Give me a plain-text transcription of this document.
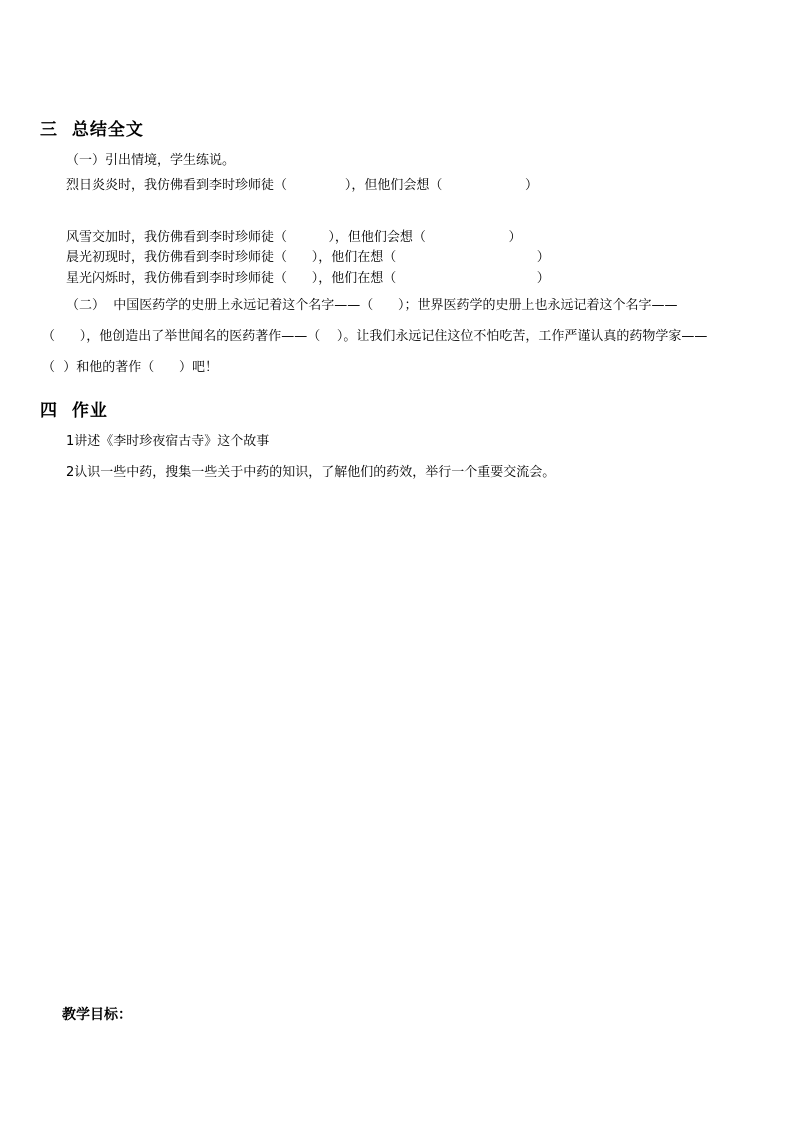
三  总结全文
（一）引出情境，学生练说。
烈日炎炎时，我仿佛看到李时珍师徒（              ），但他们会想（                    ）
风雪交加时，我仿佛看到李时珍师徒（          ），但他们会想（                    ）
晨光初现时，我仿佛看到李时珍师徒（      ），他们在想（                                  ）
星光闪烁时，我仿佛看到李时珍师徒（      ），他们在想（                                  ）
（二）  中国医药学的史册上永远记着这个名字——（      ）；世界医药学的史册上也永远记着这个名字——
（      ），他创造出了举世闻名的医药著作——（    ）。让我们永远记住这位不怕吃苦，工作严谨认真的药物学家——
（  ）和他的著作（      ）吧！
四  作业
1讲述《李时珍夜宿古寺》这个故事
2认识一些中药，搜集一些关于中药的知识，了解他们的药效，举行一个重要交流会。
教学目标：
